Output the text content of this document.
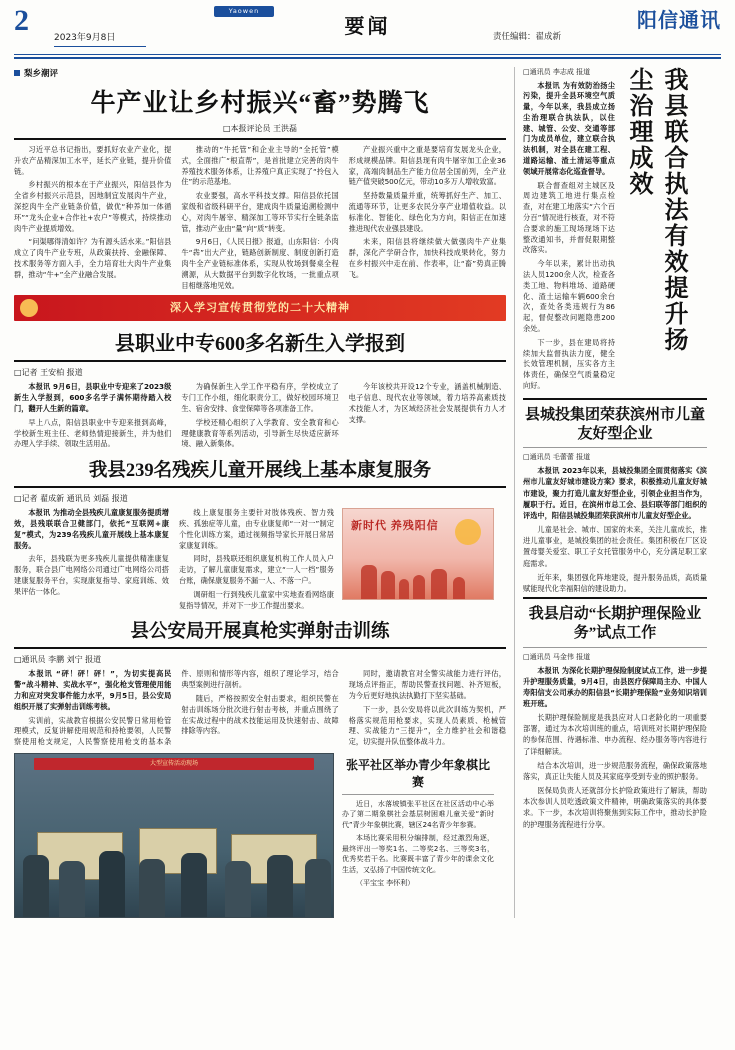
2
2023年9月8日
Yaowen
要闻	责任编辑：翟成新
阳信通讯
梨乡潮评
牛产业让乡村振兴“畜”势腾飞
□本报评论员 王洪磊

习近平总书记指出，要抓好农业产业化，提升农产品精深加工水平，延长产业链，提升价值链。

乡村振兴的根本在于产业振兴，阳信县作为全省乡村振兴示范县，因地制宜发展肉牛产业，深挖肉牛全产业链条价值，做优“种养加一体循环”“龙头企业+合作社+农户”等模式，持续推动肉牛产业提质增效。

“问渠哪得清如许？为有源头活水来。”阳信县成立了肉牛产业专班，从政策扶持、金融保障、技术服务等方面入手，全力培育壮大肉牛产业集群，推动“牛+”全产业融合发展。

推动的“牛托管”和企业主导的“全托管”模式，全面推广“根直帮”，是首批建立完善的肉牛养殖技术服务体系，让养殖户真正实现了“拎包入住”的示范基地。

农业要强，高水平科技支撑。阳信县依托国家级和省级科研平台，建成肉牛质量追溯检测中心，对肉牛屠宰、精深加工等环节实行全链条监管，推动产业由“量”向“质”转变。

9月6日，《人民日报》报道，山东阳信：小肉牛“犇”出大产业，链路创新制度、制度创新打造肉牛全产业链标准体系，实现从牧场到餐桌全程溯源，从大数据平台到数字化牧场，一批重点项目相继落地见效。

产业振兴重中之重是要培育发展龙头企业，形成规模品牌。阳信县现有肉牛屠宰加工企业36家，高端肉制品生产能力位居全国前列，全产业链产值突破500亿元，带动10多万人增收致富。

坚持数量质量并重，统筹抓好生产、加工、流通等环节，让更多农民分享产业增值收益。以标准化、智能化、绿色化为方向，阳信正在加速推进现代农业强县建设。

未来，阳信县将继续做大做强肉牛产业集群，深化产学研合作，加快科技成果转化，努力在乡村振兴中走在前、作表率，让“畜”势真正腾飞。

深入学习宣传贯彻党的二十大精神
县职业中专600多名新生入学报到
□记者 王安柏 报道

本报讯 9月6日，县职业中专迎来了2023级新生入学报到，600多名学子满怀期待踏入校门，翻开人生新的篇章。

早上八点，阳信县职业中专迎来报到高峰，学校新生班主任、老师热情迎接新生，并为他们办理入学手续、领取生活用品。

为确保新生入学工作平稳有序，学校成立了专门工作小组，细化职责分工，做好校园环境卫生、宿舍安排、食堂保障等各项准备工作。

学校还精心组织了入学教育、安全教育和心理健康教育等系列活动，引导新生尽快适应新环境、融入新集体。

今年该校共开设12个专业，涵盖机械制造、电子信息、现代农业等领域，着力培养高素质技术技能人才，为区域经济社会发展提供有力人才支撑。

我县239名残疾儿童开展线上基本康复服务
□记者 翟成新 通讯员 刘磊 报道

本报讯 为推动全县残疾儿童康复服务提质增效，县残联联合卫健部门，依托“互联网+康复”模式，为239名残疾儿童开展线上基本康复服务。

去年，县残联为更多残疾儿童提供精准康复服务，联合县广电网络公司通过广电网络公司搭建康复服务平台，实现康复指导、家庭训练、效果评估一体化。

线上康复服务主要针对肢体残疾、智力残疾、孤独症等儿童，由专业康复师“一对一”制定个性化训练方案，通过视频指导家长开展日常居家康复训练。

同时，县残联还组织康复机构工作人员入户走访，了解儿童康复需求，建立“一人一档”服务台账，确保康复服务不漏一人、不落一户。

调研组一行到残疾儿童家中实地查看网络康复指导情况，并对下一步工作提出要求。

新时代 养残阳信
县公安局开展真枪实弹射击训练
□通讯员 李鹏 刘宁 报道

本报讯 “砰！砰！砰！”，为切实提高民警“战斗精神、实战水平”，强化枪支管理使用能力和应对突发事件能力水平，9月5日，县公安局组织开展了实弹射击训练考核。

实训前，实战教官根据公安民警日常用枪管理模式，反复讲解使用规范和持枪要领，人民警察使用枪支规定，人民警察使用枪支的基本条件、原则和情形等内容，组织了理论学习，结合典型案例进行剖析。

随后，严格按照安全射击要求，组织民警在射击训练场分批次进行射击考核，并重点围绕了在实战过程中的战术技能运用及快速射击、故障排除等内容。

同时，邀请教官对全警实战能力进行评估，现场点评指正，帮助民警查找问题、补齐短板，为今后更好地执法执勤打下坚实基础。

下一步，县公安局将以此次训练为契机，严格落实规范用枪要求，实现人员素质、枪械管理、实战能力“三提升”，全力维护社会和谐稳定，切实提升队伍整体战斗力。

大型宣传活动现场	张平社区举办青少年象棋比赛

近日，水落坡镇张平社区在社区活动中心举办了第二期象棋社会基层树困难儿童关爱“新时代”青少年象棋比赛，辖区24名青少年参赛。

本场比赛采用积分编排制，经过激烈角逐，最终评出一等奖1名、二等奖2名、三等奖3名，优秀奖若干名。比赛既丰富了青少年的课余文化生活，又弘扬了中国传统文化。

（平宝宝 李怀利）

□通讯员 李志成 报道

本报讯 为有效防治扬尘污染，提升全县环境空气质量，今年以来，我县成立扬尘治理联合执法队，以住建、城管、公安、交通等部门为成员单位，建立联合执法机制，对全县在建工程、道路运输、渣土清运等重点领域开展常态化巡查督导。

联合督查组对主城区及周边建筑工地进行集点检查，对在建工地落实“六个百分百”情况进行核查，对不符合要求的施工现场现场下达整改通知书，并督促限期整改落实。

今年以来，累计出动执法人员1200余人次，检查各类工地、物料堆场、道路硬化、渣土运输车辆600余台次，查处各类违规行为86起，督促整改问题隐患200余处。

下一步，县在建局将持续加大监督执法力度，健全长效管理机制，压实各方主体责任，确保空气质量稳定向好。

我县联合执法有效提升扬尘治理成效
县城投集团荣获滨州市儿童友好型企业
□通讯员 毛蕾蕾 报道

本报讯 2023年以来，县城投集团全面贯彻落实《滨州市儿童友好城市建设方案》要求，积极推动儿童友好城市建设，聚力打造儿童友好型企业，引领企业担当作为，履职于行。近日，在滨州市总工会、县妇联等部门组织的评选中，阳信县城投集团荣获滨州市儿童友好型企业。

儿童是社会、城市、国家的未来，关注儿童成长，推进儿童事业，是城投集团的社会责任。集团积极在厂区设置母婴关爱室、职工子女托管服务中心，充分满足职工家庭需求。

近年来，集团强化阵地建设，提升服务品质，高质量赋能现代化幸福阳信的建设助力。

我县启动“长期护理保险业务”试点工作
□通讯员 马金伟 报道

本报讯 为深化长期护理保险制度试点工作，进一步提升护理服务质量，9月4日，由县医疗保障局主办、中国人寿阳信支公司承办的阳信县“长期护理保险”业务知识培训班开班。

长期护理保险制度是我县应对人口老龄化的一项重要部署，通过为本次培训班的重点，培训班对长期护理保险的参保范围、待遇标准、申办流程、经办服务等内容进行了详细解读。

结合本次培训，进一步规范服务流程，确保政策落地落实，真正让失能人员及其家庭享受到专业的照护服务。

医保局负责人还就部分长护险政策进行了解读，帮助本次参训人员吃透政策文件精神，明确政策落实的具体要求。下一步，本次培训将聚焦到实际工作中，推动长护险的护理服务流程进行分享。
